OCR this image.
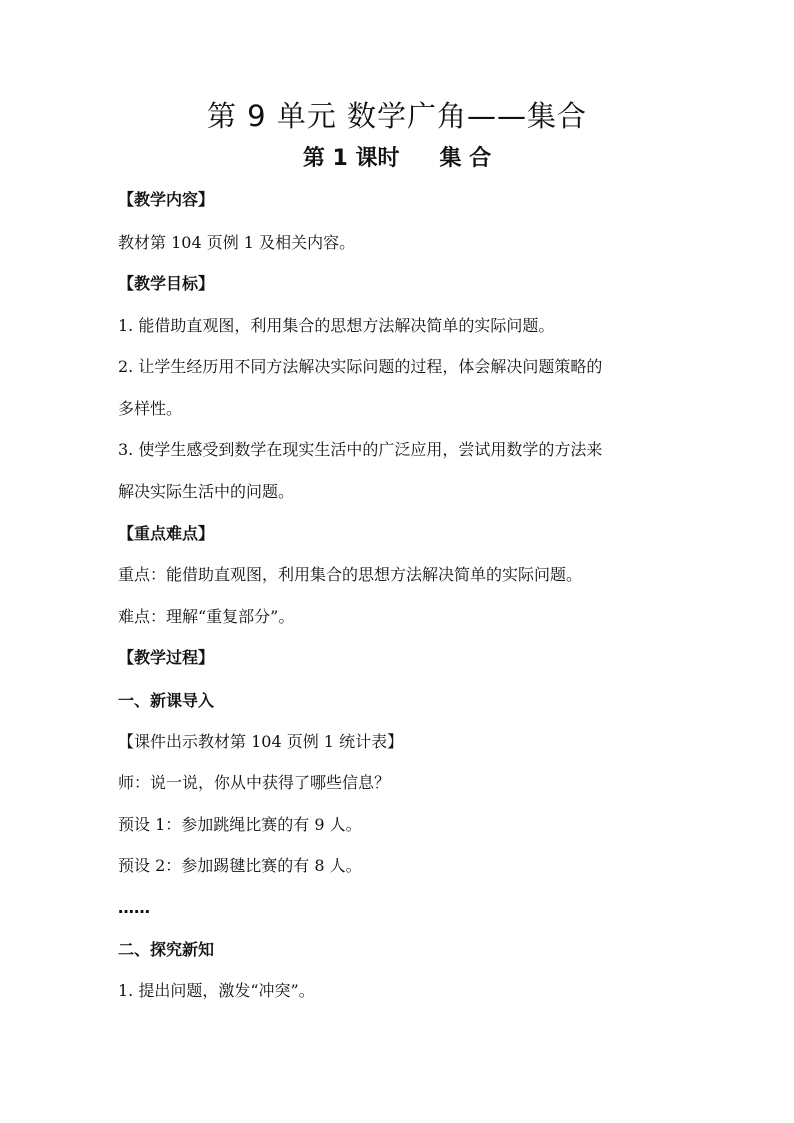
第 9 单元 数学广角——集合
第 1 课时 集 合
【教学内容】
教材第 104 页例 1 及相关内容。
【教学目标】
1. 能借助直观图，利用集合的思想方法解决简单的实际问题。
2. 让学生经历用不同方法解决实际问题的过程，体会解决问题策略的
多样性。
3. 使学生感受到数学在现实生活中的广泛应用，尝试用数学的方法来
解决实际生活中的问题。
【重点难点】
重点：能借助直观图，利用集合的思想方法解决简单的实际问题。
难点：理解“重复部分”。
【教学过程】
一、新课导入
【课件出示教材第 104 页例 1 统计表】
师：说一说，你从中获得了哪些信息？
预设 1：参加跳绳比赛的有 9 人。
预设 2：参加踢毽比赛的有 8 人。
……
二、探究新知
1. 提出问题，激发“冲突”。
